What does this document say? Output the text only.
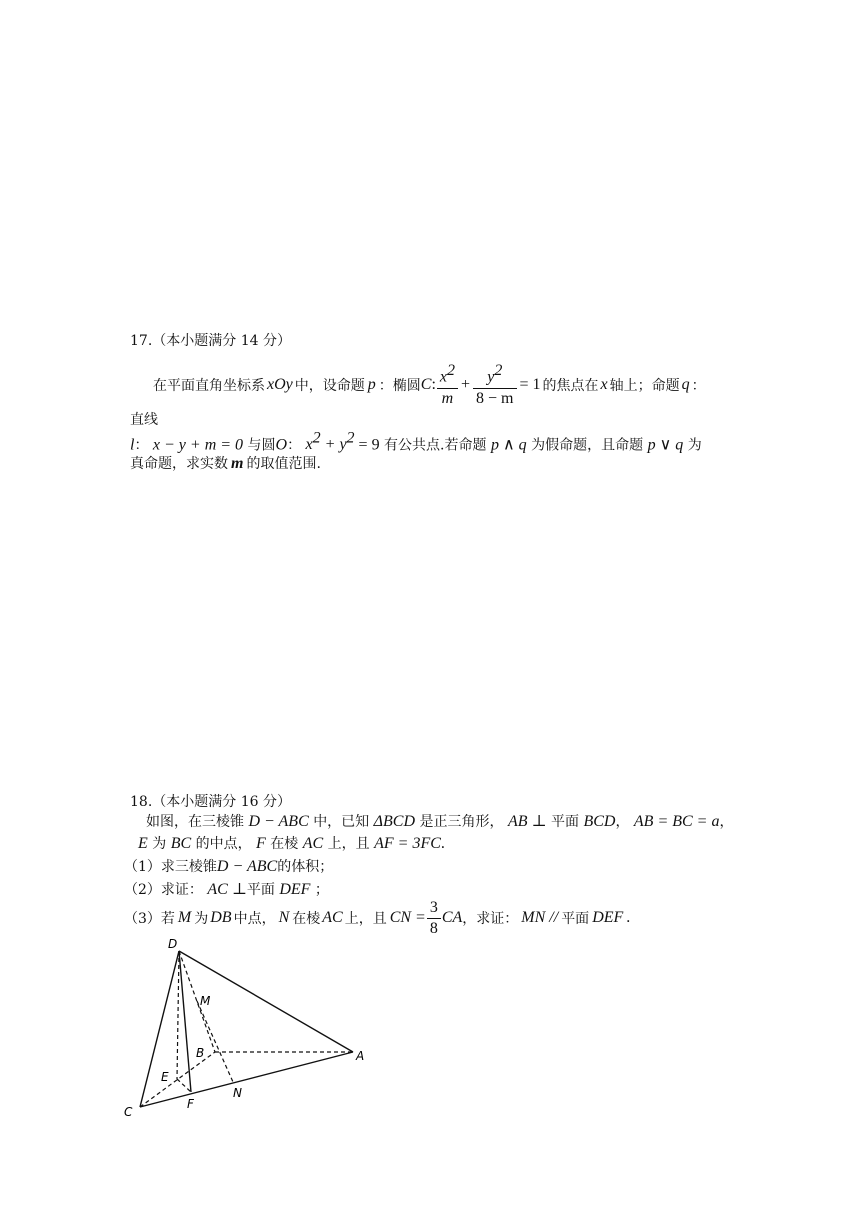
17.（本小题满分 14 分）
在平面直角坐标系 xOy 中，设命题 p ：椭圆 C : $\frac{x^2}{m} + \frac{y^2}{8 - m} = 1$ 的焦点在 x 轴上；命题 q ：
直线
l： x − y + m = 0 与圆O： $x^2 + y^2 = 9$ 有公共点.若命题 p ∧ q 为假命题，且命题 p ∨ q 为
真命题，求实数 m 的取值范围.
18.（本小题满分 16 分）
如图，在三棱锥 D − ABC 中，已知 ΔBCD 是正三角形， AB ⊥ 平面 BCD， AB = BC = a，
E 为 BC 的中点， F 在棱 AC 上，且 AF = 3FC.
（1）求三棱锥D − ABC的体积；
（2）求证： AC ⊥平面 DEF ；
（3）若 M 为 DB 中点， N 在棱 AC 上，且 CN = $\frac{3}{8}$ CA ，求证： MN // 平面 DEF .
D
M
B	A
E
N
C
F
